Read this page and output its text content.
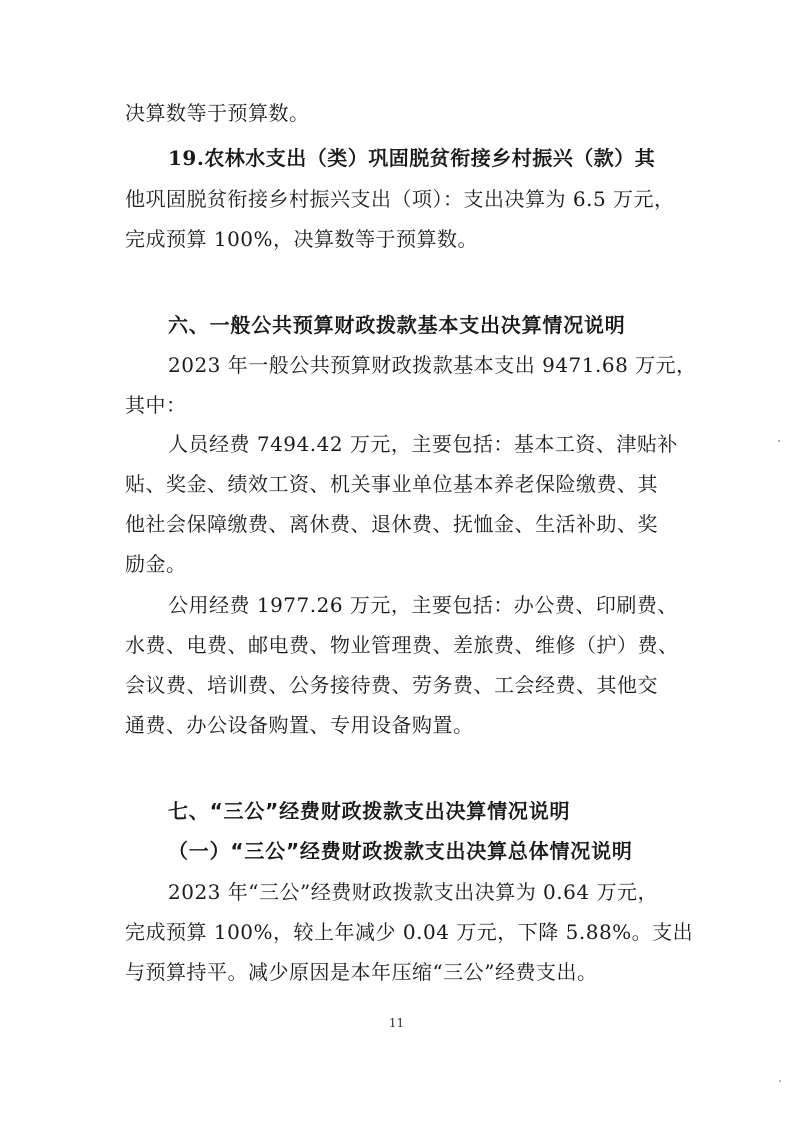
决算数等于预算数。
19.农林水支出（类）巩固脱贫衔接乡村振兴（款）其
他巩固脱贫衔接乡村振兴支出（项）：支出决算为 6.5 万元，
完成预算 100%，决算数等于预算数。
六、一般公共预算财政拨款基本支出决算情况说明
2023 年一般公共预算财政拨款基本支出 9471.68 万元，
其中：
人员经费 7494.42 万元，主要包括：基本工资、津贴补
贴、奖金、绩效工资、机关事业单位基本养老保险缴费、其
他社会保障缴费、离休费、退休费、抚恤金、生活补助、奖
励金。
公用经费 1977.26 万元，主要包括：办公费、印刷费、
水费、电费、邮电费、物业管理费、差旅费、维修（护）费、
会议费、培训费、公务接待费、劳务费、工会经费、其他交
通费、办公设备购置、专用设备购置。
七、“三公”经费财政拨款支出决算情况说明
（一）“三公”经费财政拨款支出决算总体情况说明
2023 年“三公”经费财政拨款支出决算为 0.64 万元，
完成预算 100%，较上年减少 0.04 万元，下降 5.88%。支出
与预算持平。减少原因是本年压缩“三公”经费支出。
11
